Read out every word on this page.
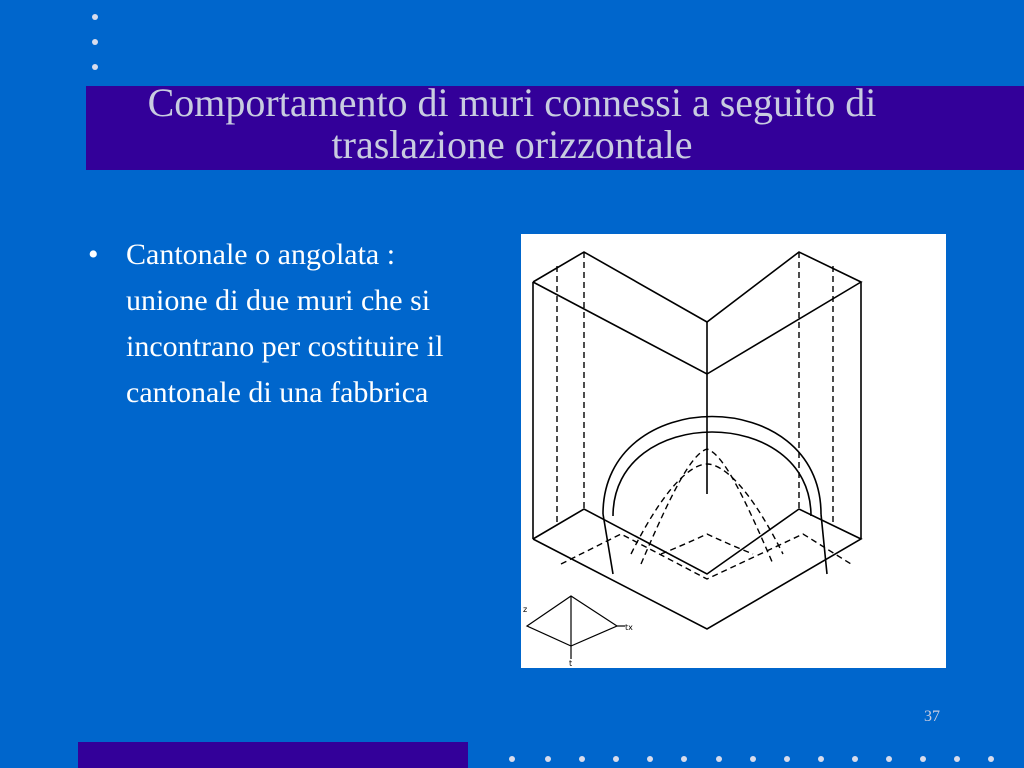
Comportamento di muri connessi a seguito di traslazione orizzontale
• Cantonale o angolata : unione di due muri che si incontrano per costituire il cantonale di una fabbrica
z
t
tx
37
